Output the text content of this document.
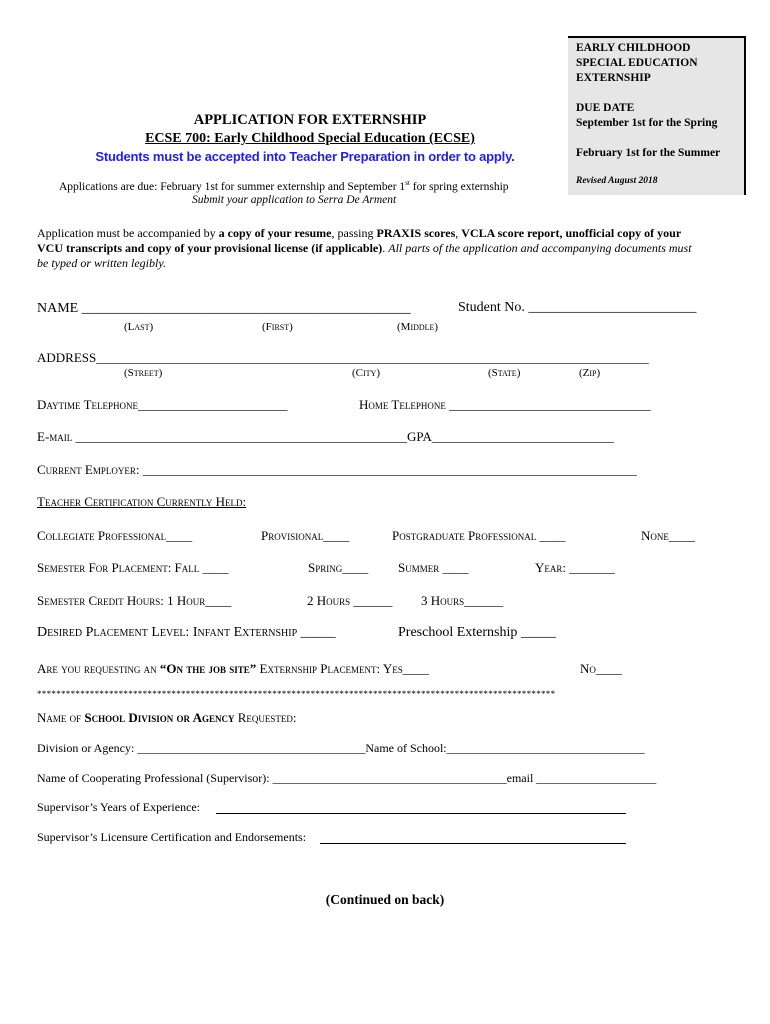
EARLY CHILDHOOD
SPECIAL EDUCATION
EXTERNSHIP
DUE DATE
September 1st for the Spring
February 1st for the Summer
Revised August 2018
APPLICATION FOR EXTERNSHIP
ECSE 700: Early Childhood Special Education (ECSE)
Students must be accepted into Teacher Preparation in order to apply.
Applications are due: February 1st for summer externship and September 1st for spring externship
Submit your application to Serra De Arment
Application must be accompanied by a copy of your resume, passing PRAXIS scores, VCLA score report, unofficial copy of your
VCU transcripts and copy of your provisional license (if applicable). All parts of the application and accompanying documents must
be typed or written legibly.
NAME _______________________________________________	Student No. ________________________
(Last)	(First)	(Middle)
ADDRESS_____________________________________________________________________________________
(Street)	(City)	(State)	(Zip)
Daytime Telephone_______________________	Home Telephone _______________________________
E-mail ___________________________________________________GPA____________________________
Current Employer: ____________________________________________________________________________
Teacher Certification Currently Held:
Collegiate Professional____	Provisional____	Postgraduate Professional ____	None____
Semester For Placement: Fall ____	Spring____ Summer ____	Year: _______
Semester Credit Hours: 1 Hour____	2 Hours ______ 3 Hours______
Desired Placement Level: Infant Externship _____	Preschool Externship _____
Are you requesting an “On the job site” Externship Placement: Yes____	No____
************************************************************************************************************
Name of School Division or Agency Requested:
Division or Agency: ______________________________________Name of School:_________________________________
Name of Cooperating Professional (Supervisor): _______________________________________email ____________________
Supervisor’s Years of Experience:
Supervisor’s Licensure Certification and Endorsements:
(Continued on back)
